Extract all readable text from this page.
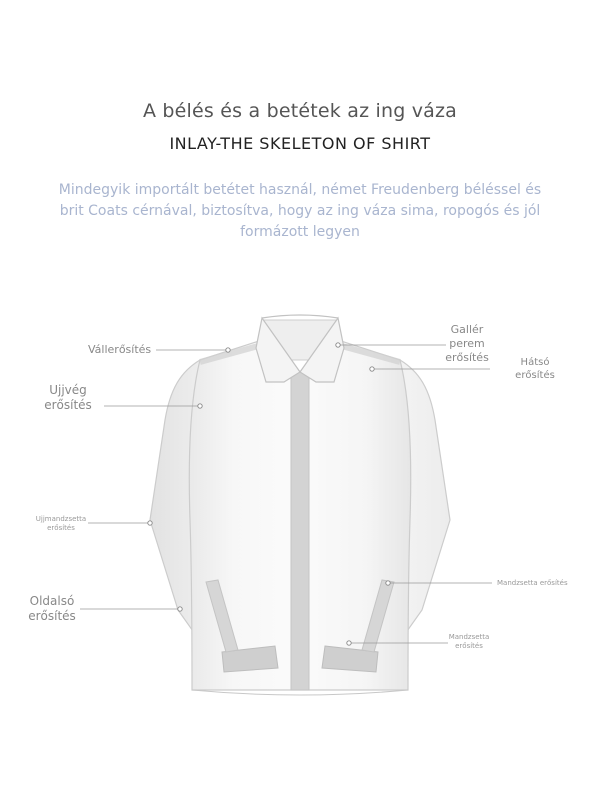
A bélés és a betétek az ing váza
INLAY-THE SKELETON OF SHIRT
Mindegyik importált betétet használ, német Freudenberg béléssel és
brit Coats cérnával, biztosítva, hogy az ing váza sima, ropogós és jól
formázott legyen
Vállerősítés
Gallér
perem
erősítés	Hátsó
erősítés
Ujjvég
erősítés
Ujjmandzsetta
erősítés
Oldalsó
erősítés
Mandzsetta erősítés
Mandzsetta
erősítés
